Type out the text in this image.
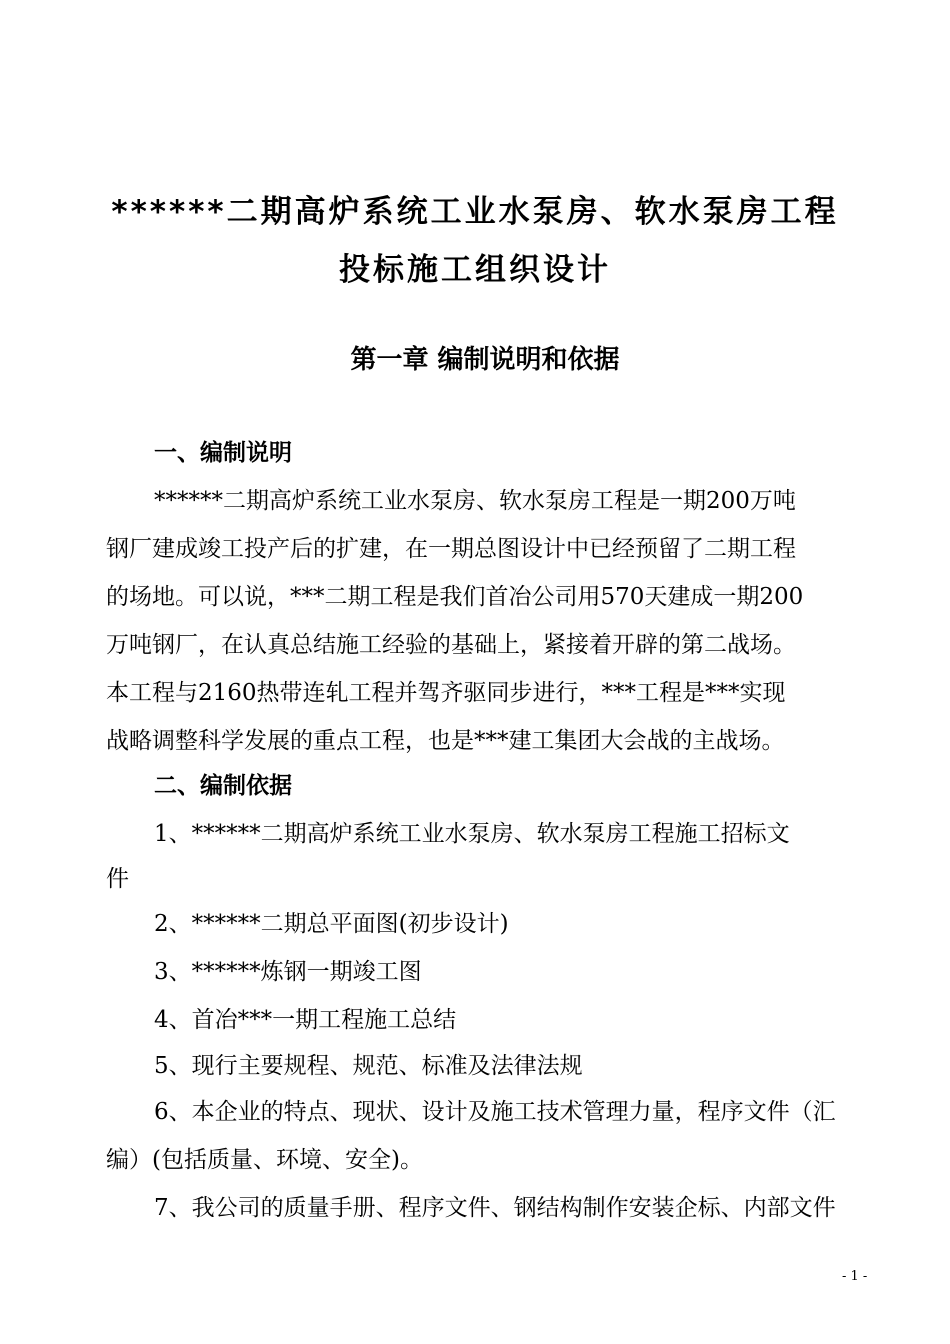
******二期高炉系统工业水泵房、软水泵房工程
投标施工组织设计
第一章 编制说明和依据
一、编制说明
******二期高炉系统工业水泵房、软水泵房工程是一期200万吨
钢厂建成竣工投产后的扩建，在一期总图设计中已经预留了二期工程
的场地。可以说，***二期工程是我们首冶公司用570天建成一期200
万吨钢厂，在认真总结施工经验的基础上，紧接着开辟的第二战场。
本工程与2160热带连轧工程并驾齐驱同步进行，***工程是***实现
战略调整科学发展的重点工程，也是***建工集团大会战的主战场。
二、编制依据
1、******二期高炉系统工业水泵房、软水泵房工程施工招标文
件
2、******二期总平面图(初步设计)
3、******炼钢一期竣工图
4、首冶***一期工程施工总结
5、现行主要规程、规范、标准及法律法规
6、本企业的特点、现状、设计及施工技术管理力量，程序文件（汇
编）(包括质量、环境、安全)。
7、我公司的质量手册、程序文件、钢结构制作安装企标、内部文件
- 1 -
